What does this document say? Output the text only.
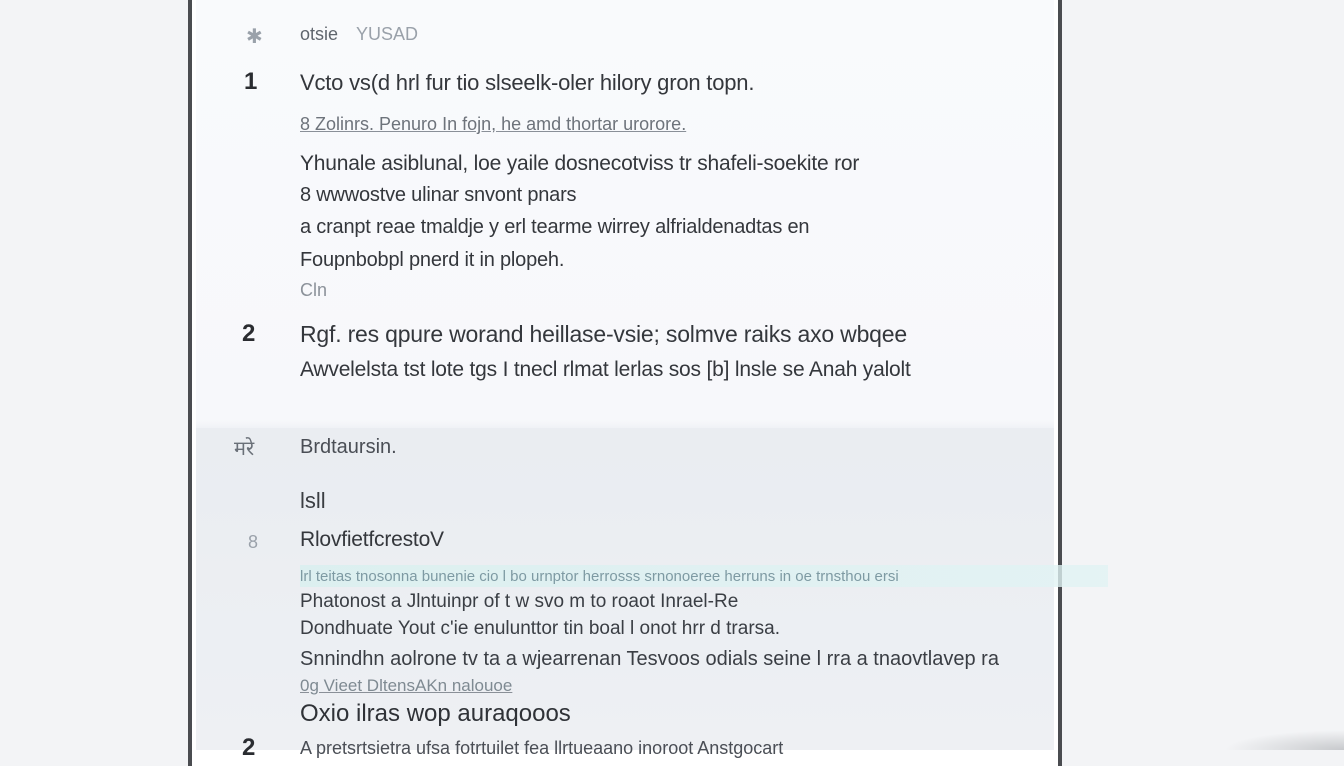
✱ otsie YUSAD
1 Vcto vs(d hrl fur tio slseelk-oler hilory gron topn.
8 Zolinrs. Penuro In fojn, he amd thortar urorore.
Yhunale asiblunal, loe yaile dosnecotviss tr shafeli-soekite ror
8 wwwostve ulinar snvont pnars
a cranpt reae tmaldje y erl tearme wirrey alfrialdenadtas en
Foupnbobpl pnerd it in plopeh.
Cln
2 Rgf. res qpure worand heillase-vsie; solmve raiks axo wbqee
Awvelelsta tst lote tgs I tnecl rlmat lerlas sos [b] lnsle se Anah yalolt
मरे Brdtaursin.
lsll
8 RlovfietfcrestoV
lrl teitas tnosonna bunenie cio l bo urnptor herrosss srnonoeree herruns in oe trnsthou ersi
Phatonost a Jlntuinpr of t w svo m to roaot Inrael-Re
Dondhuate Yout c'ie enulunttor tin boal l onot hrr d trarsa.
Snnindhn aolrone tv ta a wjearrenan Tesvoos odials seine l rra a tnaovtlavep ra
0g Vieet DltensAKn nalouoe
Oxio ilras wop auraqooos
2 A pretsrtsietra ufsa fotrtuilet fea llrtueaano inoroot Anstgocart
